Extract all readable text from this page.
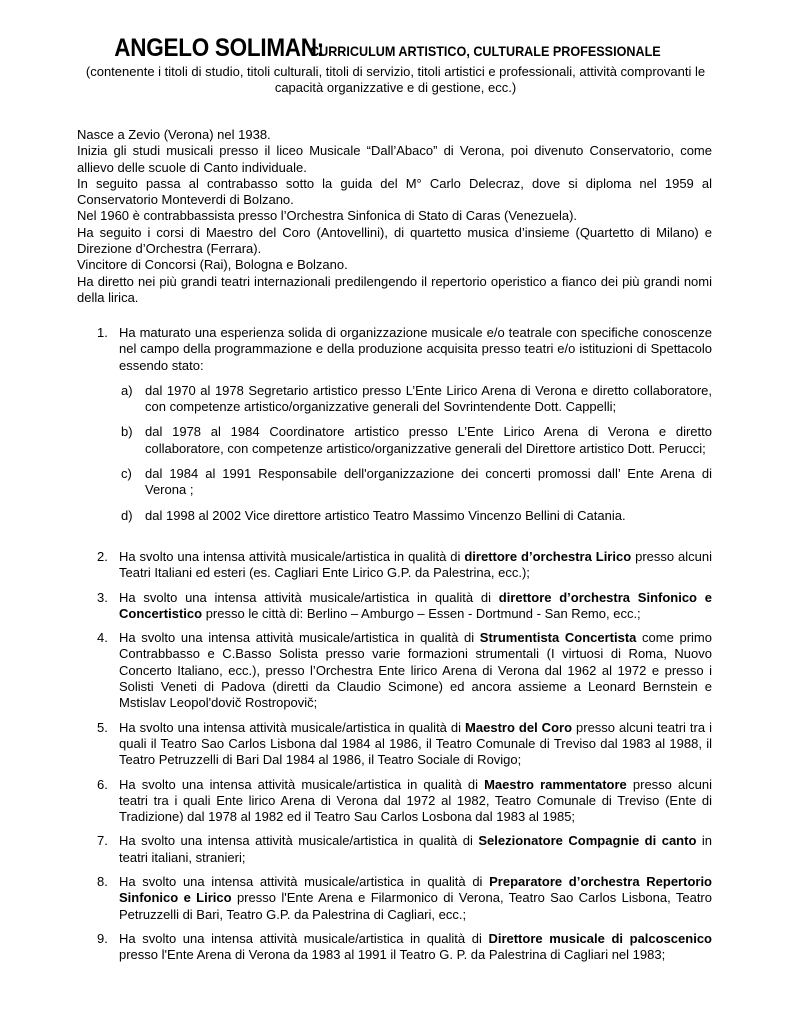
ANGELO SOLIMAN: CURRICULUM ARTISTICO, CULTURALE PROFESSIONALE
(contenente i titoli di studio, titoli culturali, titoli di servizio, titoli artistici e professionali, attività comprovanti le capacità organizzative e di gestione, ecc.)

Nasce a Zevio (Verona) nel 1938.

Inizia gli studi musicali presso il liceo Musicale “Dall’Abaco” di Verona, poi divenuto Conservatorio, come allievo delle scuole di Canto individuale.

In seguito passa al contrabasso sotto la guida del M° Carlo Delecraz, dove si diploma nel 1959 al Conservatorio Monteverdi di Bolzano.

Nel 1960 è contrabbassista presso l’Orchestra Sinfonica di Stato di Caras (Venezuela).

Ha seguito i corsi di Maestro del Coro (Antovellini), di quartetto musica d’insieme (Quartetto di Milano) e Direzione d’Orchestra (Ferrara).

Vincitore di Concorsi (Rai), Bologna e Bolzano.

Ha diretto nei più grandi teatri internazionali predilengendo il repertorio operistico a fianco dei più grandi nomi della lirica.

1. Ha maturato una esperienza solida di organizzazione musicale e/o teatrale con specifiche conoscenze nel campo della programmazione e della produzione acquisita presso teatri e/o istituzioni di Spettacolo essendo stato:
a) dal 1970 al 1978 Segretario artistico presso L’Ente Lirico Arena di Verona e diretto collaboratore, con competenze artistico/organizzative generali del Sovrintendente Dott. Cappelli;
b) dal 1978 al 1984 Coordinatore artistico presso L’Ente Lirico Arena di Verona e diretto collaboratore, con competenze artistico/organizzative generali del Direttore artistico Dott. Perucci;
c) dal 1984 al 1991 Responsabile dell'organizzazione dei concerti promossi dall’ Ente Arena di Verona ;
d) dal 1998 al 2002 Vice direttore artistico Teatro Massimo Vincenzo Bellini di Catania.
2. Ha svolto una intensa attività musicale/artistica in qualità di direttore d’orchestra Lirico presso alcuni Teatri Italiani ed esteri (es. Cagliari Ente Lirico G.P. da Palestrina, ecc.);
3. Ha svolto una intensa attività musicale/artistica in qualità di direttore d’orchestra Sinfonico e Concertistico presso le città di: Berlino – Amburgo – Essen - Dortmund - San Remo, ecc.;
4. Ha svolto una intensa attività musicale/artistica in qualità di Strumentista Concertista come primo Contrabbasso e C.Basso Solista presso varie formazioni strumentali (I virtuosi di Roma, Nuovo Concerto Italiano, ecc.), presso l’Orchestra Ente lirico Arena di Verona dal 1962 al 1972 e presso i Solisti Veneti di Padova (diretti da Claudio Scimone) ed ancora assieme a Leonard Bernstein e Mstislav Leopol'dovič Rostropovič;
5. Ha svolto una intensa attività musicale/artistica in qualità di Maestro del Coro presso alcuni teatri tra i quali il Teatro Sao Carlos Lisbona dal 1984 al 1986, il Teatro Comunale di Treviso dal 1983 al 1988, il Teatro Petruzzelli di Bari Dal 1984 al 1986, il Teatro Sociale di Rovigo;
6. Ha svolto una intensa attività musicale/artistica in qualità di Maestro rammentatore presso alcuni teatri tra i quali Ente lirico Arena di Verona dal 1972 al 1982, Teatro Comunale di Treviso (Ente di Tradizione) dal 1978 al 1982 ed il Teatro Sau Carlos Losbona dal 1983 al 1985;
7. Ha svolto una intensa attività musicale/artistica in qualità di Selezionatore Compagnie di canto in teatri italiani, stranieri;
8. Ha svolto una intensa attività musicale/artistica in qualità di Preparatore d’orchestra Repertorio Sinfonico e Lirico presso l'Ente Arena e Filarmonico di Verona, Teatro Sao Carlos Lisbona, Teatro Petruzzelli di Bari, Teatro G.P. da Palestrina di Cagliari, ecc.;
9. Ha svolto una intensa attività musicale/artistica in qualità di Direttore musicale di palcoscenico presso l'Ente Arena di Verona da 1983 al 1991 il Teatro G. P. da Palestrina di Cagliari nel 1983;
